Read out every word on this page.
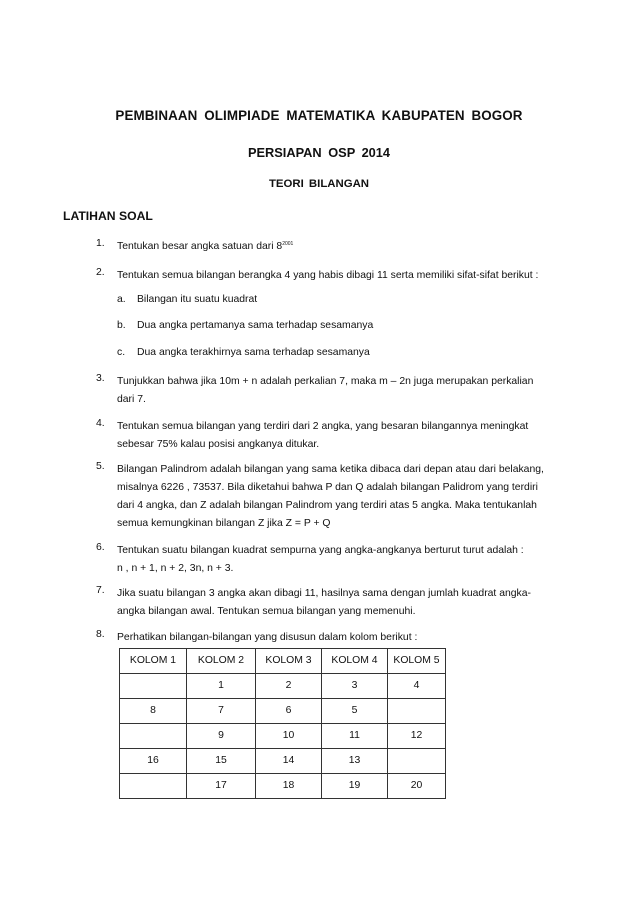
PEMBINAAN OLIMPIADE MATEMATIKA KABUPATEN BOGOR
PERSIAPAN OSP 2014
TEORI BILANGAN
LATIHAN SOAL
1. Tentukan besar angka satuan dari $8^{2001}$
2. Tentukan semua bilangan berangka 4 yang habis dibagi 11 serta memiliki sifat-sifat berikut :
a. Bilangan itu suatu kuadrat
b. Dua angka pertamanya sama terhadap sesamanya
c. Dua angka terakhirnya sama terhadap sesamanya
3. Tunjukkan bahwa jika 10m + n adalah perkalian 7, maka m – 2n juga merupakan perkalian
dari 7.
4. Tentukan semua bilangan yang terdiri dari 2 angka, yang besaran bilangannya meningkat
sebesar 75% kalau posisi angkanya ditukar.
5. Bilangan Palindrom adalah bilangan yang sama ketika dibaca dari depan atau dari belakang,
misalnya 6226 , 73537. Bila diketahui bahwa P dan Q adalah bilangan Palidrom yang terdiri
dari 4 angka, dan Z adalah bilangan Palindrom yang terdiri atas 5 angka. Maka tentukanlah
semua kemungkinan bilangan Z jika Z = P + Q
6. Tentukan suatu bilangan kuadrat sempurna yang angka-angkanya berturut turut adalah :
n , n + 1, n + 2, 3n, n + 3.
7. Jika suatu bilangan 3 angka akan dibagi 11, hasilnya sama dengan jumlah kuadrat angka-
angka bilangan awal. Tentukan semua bilangan yang memenuhi.
8. Perhatikan bilangan-bilangan yang disusun dalam kolom berikut :
KOLOM 1	KOLOM 2	KOLOM 3	KOLOM 4	KOLOM 5
	1	2	3	4
8	7	6	5	
	9	10	11	12
16	15	14	13	
	17	18	19	20
